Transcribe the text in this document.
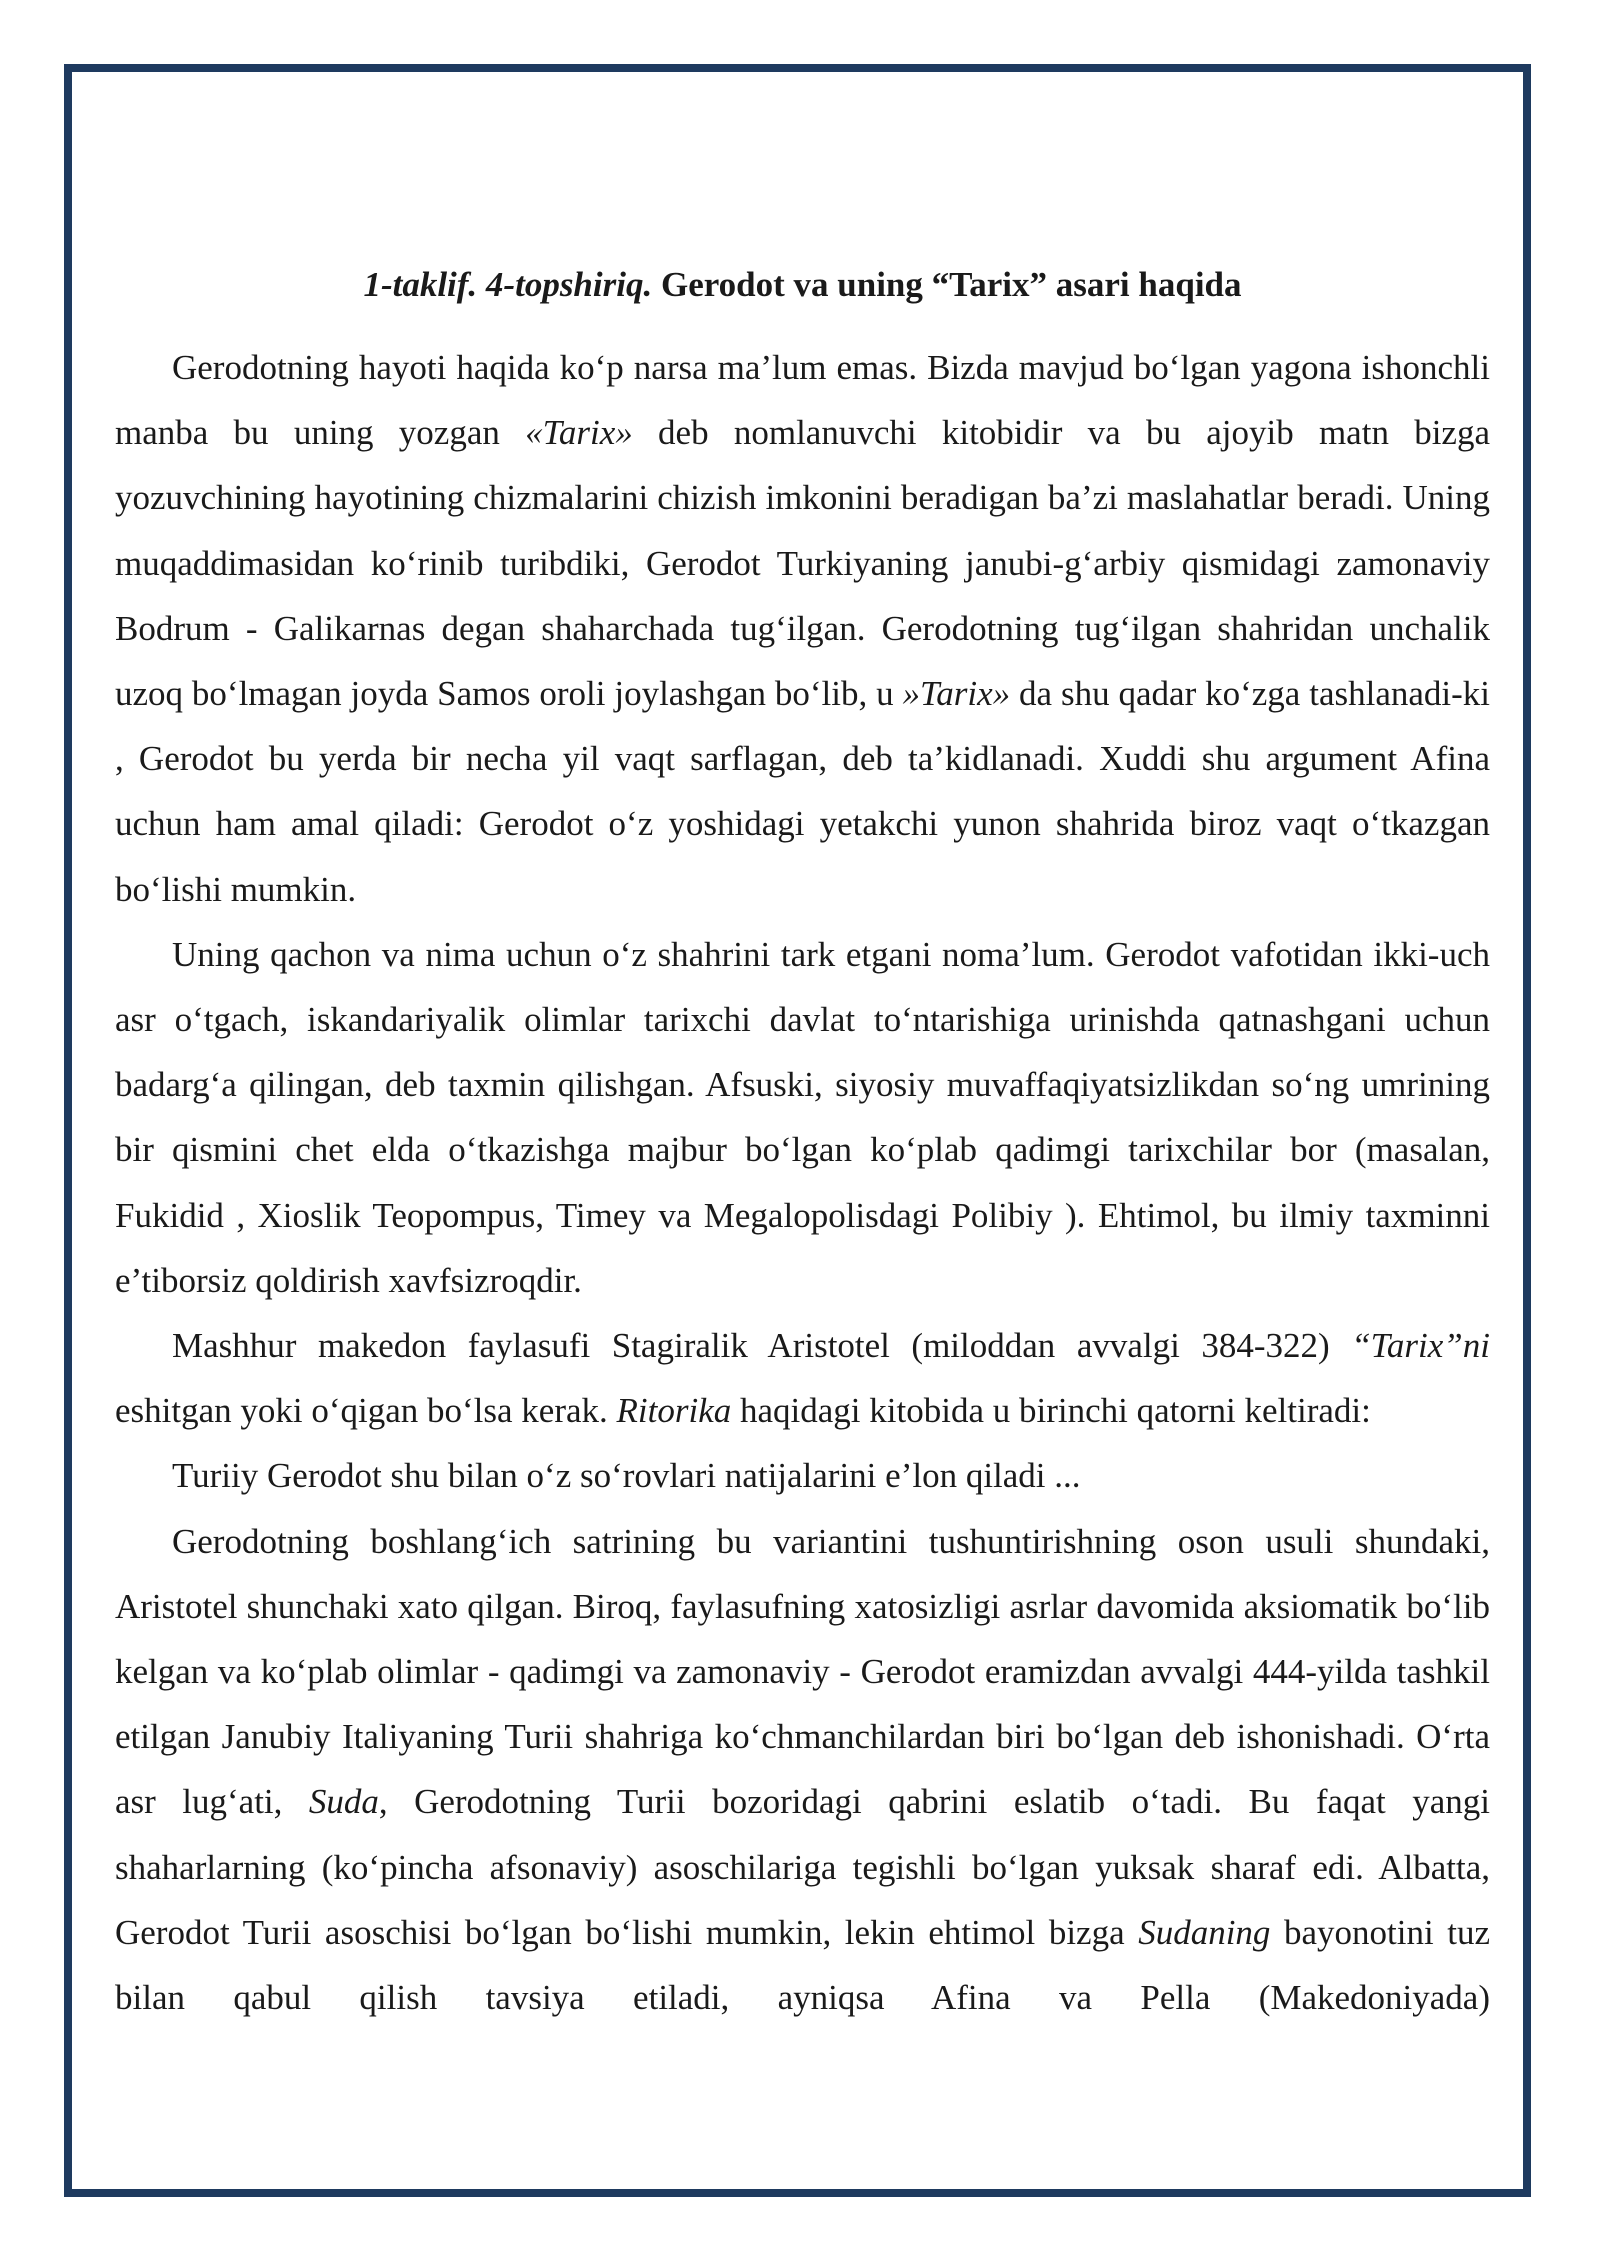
1-taklif. 4-topshiriq. Gerodot va uning “Tarix” asari haqida

Gerodotning hayoti haqida ko‘p narsa ma’lum emas. Bizda mavjud bo‘lgan yagona ishonchli manba bu uning yozgan «Tarix» deb nomlanuvchi kitobidir va bu ajoyib matn bizga yozuvchining hayotining chizmalarini chizish imkonini beradigan ba’zi maslahatlar beradi. Uning muqaddimasidan ko‘rinib turibdiki, Gerodot Turkiyaning janubi-g‘arbiy qismidagi zamonaviy Bodrum - Galikarnas degan shaharchada tug‘ilgan. Gerodotning tug‘ilgan shahridan unchalik uzoq bo‘lmagan joyda Samos oroli joylashgan bo‘lib, u »Tarix» da shu qadar ko‘zga tashlanadi-ki , Gerodot bu yerda bir necha yil vaqt sarflagan, deb ta’kidlanadi. Xuddi shu argument Afina uchun ham amal qiladi: Gerodot o‘z yoshidagi yetakchi yunon shahrida biroz vaqt o‘tkazgan bo‘lishi mumkin.

Uning qachon va nima uchun o‘z shahrini tark etgani noma’lum. Gerodot vafotidan ikki-uch asr o‘tgach, iskandariyalik olimlar tarixchi davlat to‘ntarishiga urinishda qatnashgani uchun badarg‘a qilingan, deb taxmin qilishgan. Afsuski, siyosiy muvaffaqiyatsizlikdan so‘ng umrining bir qismini chet elda o‘tkazishga majbur bo‘lgan ko‘plab qadimgi tarixchilar bor (masalan, Fukidid , Xioslik Teopompus, Timey va Megalopolisdagi Polibiy ). Ehtimol, bu ilmiy taxminni e’tiborsiz qoldirish xavfsizroqdir.

Mashhur makedon faylasufi Stagiralik Aristotel (miloddan avvalgi 384-322) “Tarix”ni eshitgan yoki o‘qigan bo‘lsa kerak. Ritorika haqidagi kitobida u birinchi qatorni keltiradi:

Turiiy Gerodot shu bilan o‘z so‘rovlari natijalarini e’lon qiladi ...

Gerodotning boshlang‘ich satrining bu variantini tushuntirishning oson usuli shundaki, Aristotel shunchaki xato qilgan. Biroq, faylasufning xatosizligi asrlar davomida aksiomatik bo‘lib kelgan va ko‘plab olimlar - qadimgi va zamonaviy - Gerodot eramizdan avvalgi 444-yilda tashkil etilgan Janubiy Italiyaning Turii shahriga ko‘chmanchilardan biri bo‘lgan deb ishonishadi. O‘rta asr lug‘ati, Suda, Gerodotning Turii bozoridagi qabrini eslatib o‘tadi. Bu faqat yangi shaharlarning (ko‘pincha afsonaviy) asoschilariga tegishli bo‘lgan yuksak sharaf edi. Albatta, Gerodot Turii asoschisi bo‘lgan bo‘lishi mumkin, lekin ehtimol bizga Sudaning bayonotini tuz bilan qabul qilish tavsiya etiladi, ayniqsa Afina va Pella (Makedoniyada)
